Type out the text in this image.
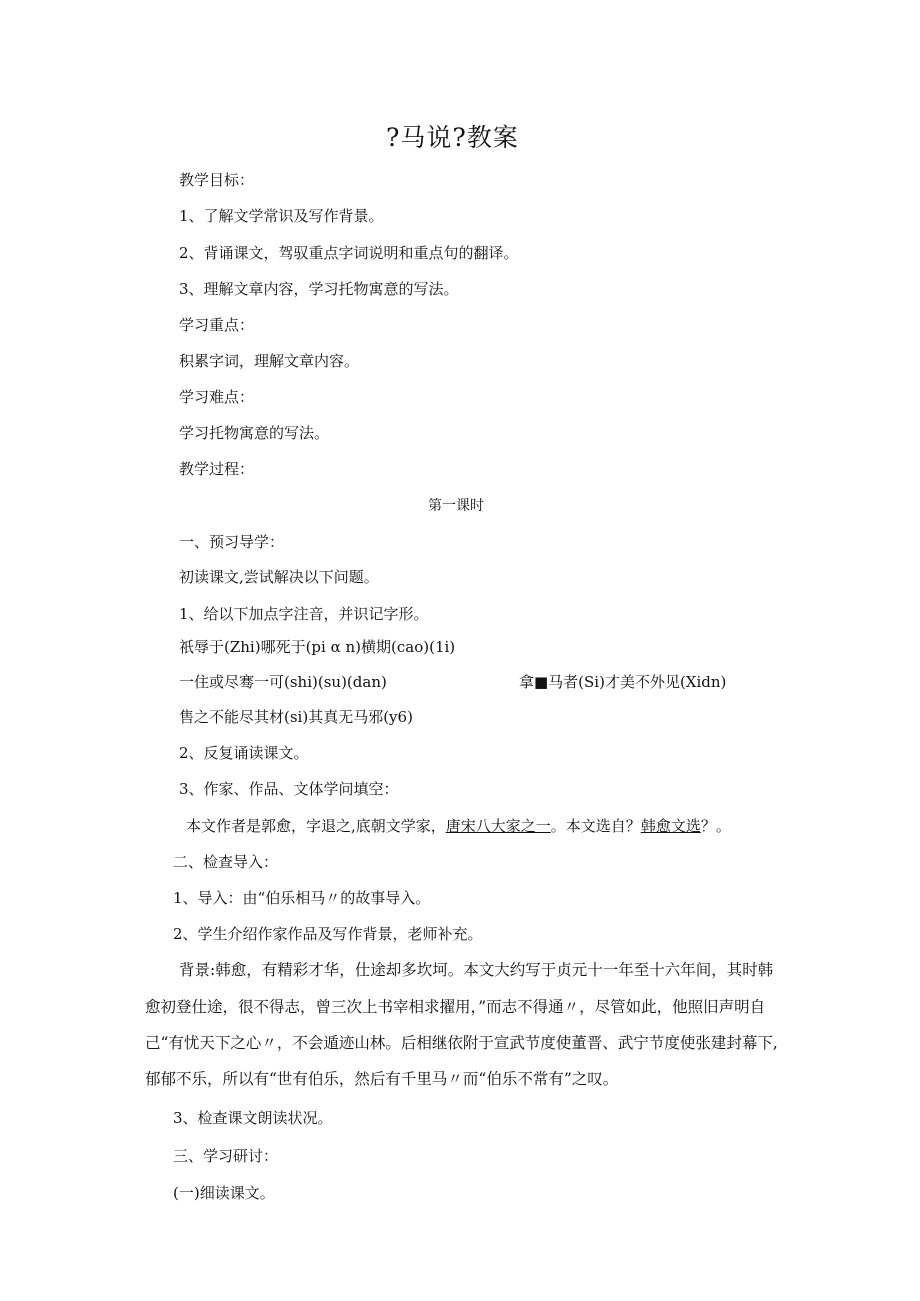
?马说?教案
教学目标：
1、了解文学常识及写作背景。
2、背诵课文，驾驭重点字词说明和重点句的翻译。
3、理解文章内容，学习托物寓意的写法。
学习重点：
积累字词，理解文章内容。
学习难点：
学习托物寓意的写法。
教学过程：
第一课时
一、预习导学：
初读课文,尝试解决以下问题。
1、给以下加点字注音，并识记字形。
祇辱于(Zhi)哪死于(pi α n)横期(cao)(1i)
一住或尽骞一可(shi)(su)(dan)	拿■马者(Si)才美不外见(Xidn)
售之不能尽其材(si)其真无马邪(y6)
2、反复诵读课文。
3、作家、作品、文体学问填空：
本文作者是郭愈，字退之,底朝文学家，唐宋八大家之一。本文选自？韩愈文选？。
二、检查导入：
1、导入：由“伯乐相马〃的故事导入。
2、学生介绍作家作品及写作背景，老师补充。
背景:韩愈，有精彩才华，仕途却多坎坷。本文大约写于贞元十一年至十六年间，其时韩
愈初登仕途，很不得志，曾三次上书宰相求擢用，”而志不得通〃，尽管如此，他照旧声明自
己“有忧天下之心〃，不会遁迹山林。后相继依附于宣武节度使董晋、武宁节度使张建封幕下,
郁郁不乐，所以有“世有伯乐，然后有千里马〃而“伯乐不常有”之叹。
3、检查课文朗读状况。
三、学习研讨：
(一)细读课文。
